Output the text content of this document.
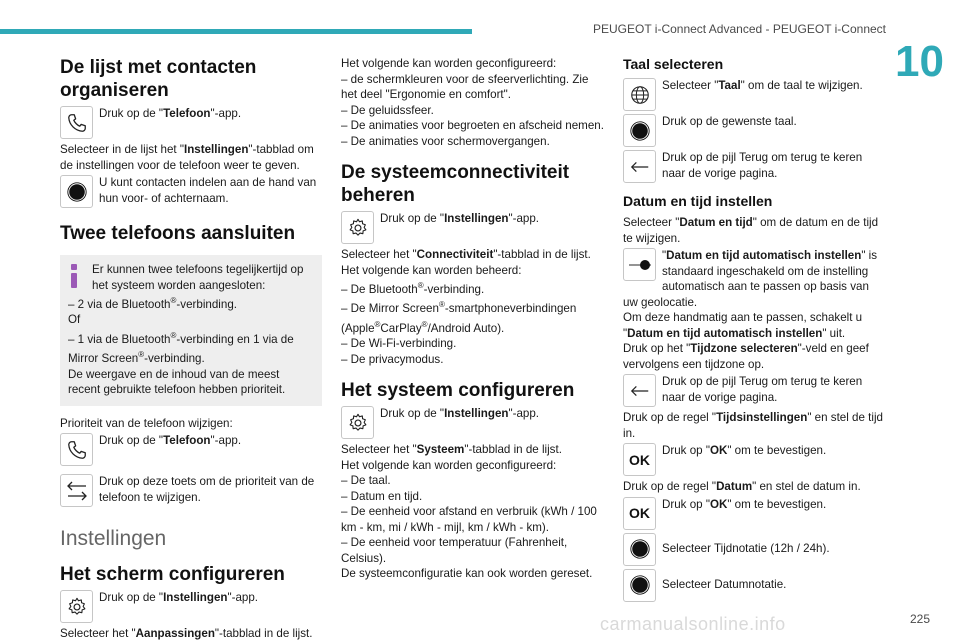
PEUGEOT i-Connect Advanced - PEUGEOT i-Connect
10
De lijst met contacten organiseren
Druk op de "Telefoon"-app.

Selecteer in de lijst het "Instellingen"-tabblad om de instellingen voor de telefoon weer te geven.

U kunt contacten indelen aan de hand van hun voor- of achternaam.
Twee telefoons aansluiten
Er kunnen twee telefoons tegelijkertijd op het systeem worden aangesloten:
– 2 via de Bluetooth®-verbinding.
Of
– 1 via de Bluetooth®-verbinding en 1 via de Mirror Screen®-verbinding.
De weergave en de inhoud van de meest recent gebruikte telefoon hebben prioriteit.

Prioriteit van de telefoon wijzigen:

Druk op de "Telefoon"-app.
Druk op deze toets om de prioriteit van de telefoon te wijzigen.
Instellingen
Het scherm configureren
Druk op de "Instellingen"-app.

Selecteer het "Aanpassingen"-tabblad in de lijst.

Het volgende kan worden geconfigureerd:

– de schermkleuren voor de sfeerverlichting. Zie het deel "Ergonomie en comfort".

– De geluidssfeer.

– De animaties voor begroeten en afscheid nemen.

– De animaties voor schermovergangen.

De systeemconnectiviteit beheren
Druk op de "Instellingen"-app.

Selecteer het "Connectiviteit"-tabblad in de lijst.

Het volgende kan worden beheerd:

– De Bluetooth®-verbinding.

– De Mirror Screen®-smartphoneverbindingen (Apple®CarPlay®/Android Auto).

– De Wi-Fi-verbinding.

– De privacymodus.

Het systeem configureren
Druk op de "Instellingen"-app.

Selecteer het "Systeem"-tabblad in de lijst.

Het volgende kan worden geconfigureerd:

– De taal.

– Datum en tijd.

– De eenheid voor afstand en verbruik (kWh / 100 km - km, mi / kWh - mijl, km / kWh - km).

– De eenheid voor temperatuur (Fahrenheit, Celsius).

De systeemconfiguratie kan ook worden gereset.

Taal selecteren
Selecteer "Taal" om de taal te wijzigen.
Druk op de gewenste taal.
Druk op de pijl Terug om terug te keren naar de vorige pagina.
Datum en tijd instellen

Selecteer "Datum en tijd" om de datum en de tijd te wijzigen.

"Datum en tijd automatisch instellen" is standaard ingeschakeld om de instelling automatisch aan te passen op basis van uw geolocatie.

Om deze handmatig aan te passen, schakelt u

"Datum en tijd automatisch instellen" uit.

Druk op het "Tijdzone selecteren"-veld en geef vervolgens een tijdzone op.

Druk op de pijl Terug om terug te keren naar de vorige pagina.

Druk op de regel "Tijdsinstellingen" en stel de tijd in.

OK
Druk op "OK" om te bevestigen.

Druk op de regel "Datum" en stel de datum in.

OK
Druk op "OK" om te bevestigen.
Selecteer Tijdnotatie (12h / 24h).
Selecteer Datumnotatie.
carmanualsonline.info	225
